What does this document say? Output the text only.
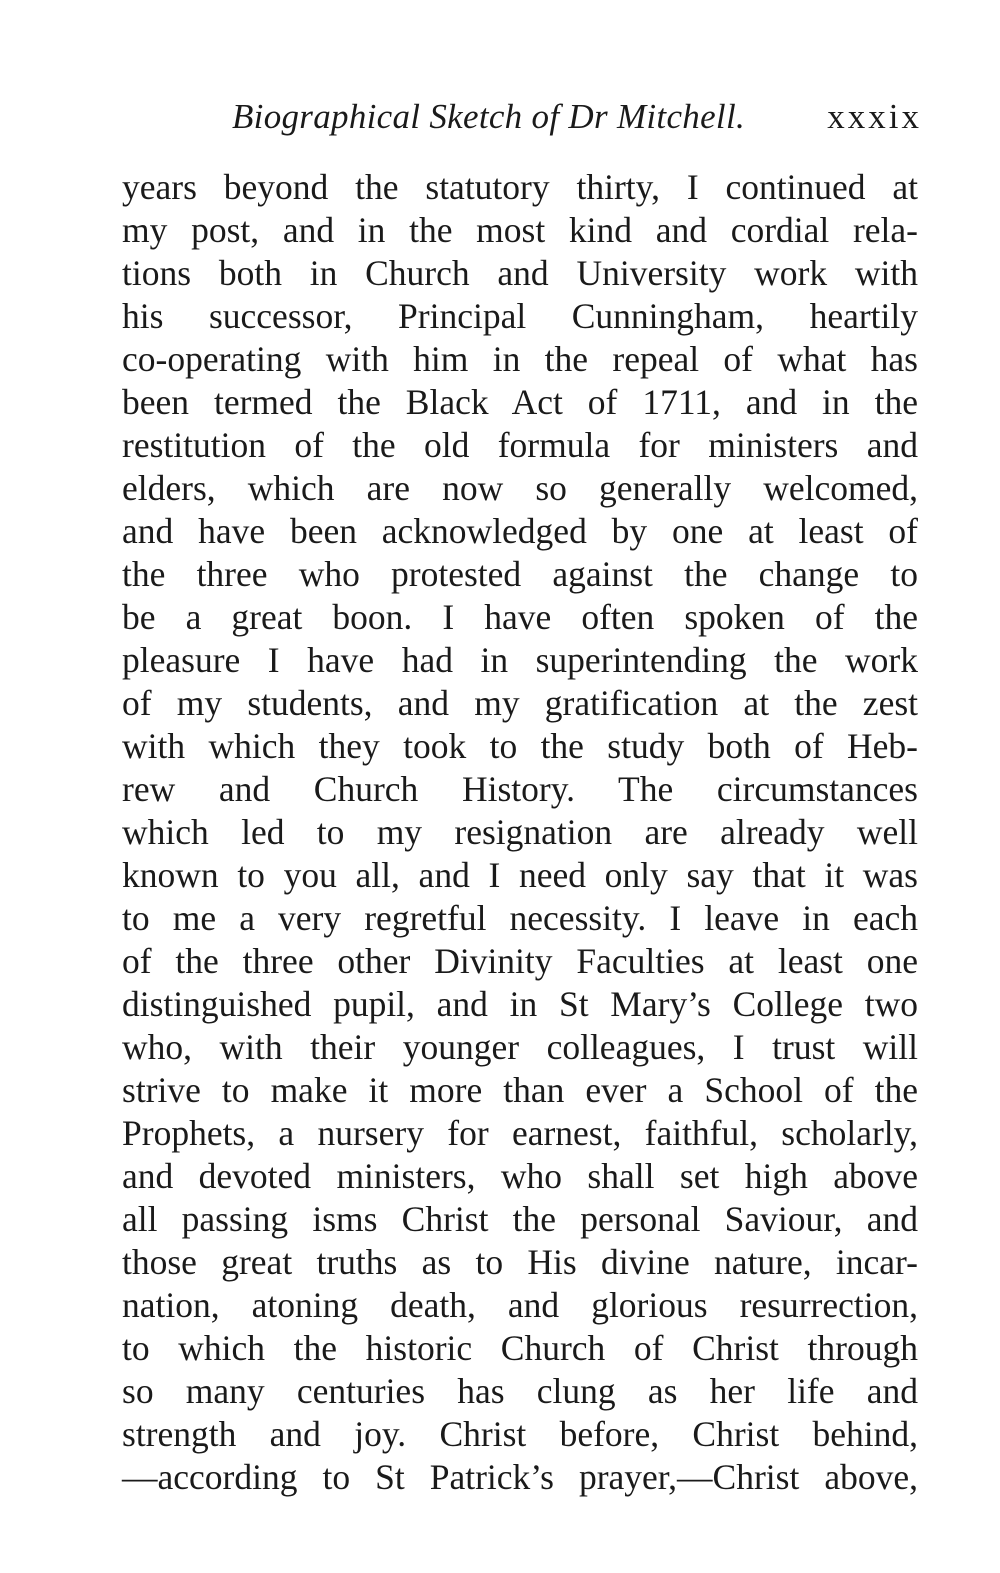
Biographical Sketch of Dr Mitchell. xxxix
years beyond the statutory thirty, I continued at
my post, and in the most kind and cordial rela-
tions both in Church and University work with
his successor, Principal Cunningham, heartily
co-operating with him in the repeal of what has
been termed the Black Act of 1711, and in the
restitution of the old formula for ministers and
elders, which are now so generally welcomed,
and have been acknowledged by one at least of
the three who protested against the change to
be a great boon. I have often spoken of the
pleasure I have had in superintending the work
of my students, and my gratification at the zest
with which they took to the study both of Heb-
rew and Church History. The circumstances
which led to my resignation are already well
known to you all, and I need only say that it was
to me a very regretful necessity. I leave in each
of the three other Divinity Faculties at least one
distinguished pupil, and in St Mary’s College two
who, with their younger colleagues, I trust will
strive to make it more than ever a School of the
Prophets, a nursery for earnest, faithful, scholarly,
and devoted ministers, who shall set high above
all passing isms Christ the personal Saviour, and
those great truths as to His divine nature, incar-
nation, atoning death, and glorious resurrection,
to which the historic Church of Christ through
so many centuries has clung as her life and
strength and joy. Christ before, Christ behind,
—according to St Patrick’s prayer,—Christ above,
